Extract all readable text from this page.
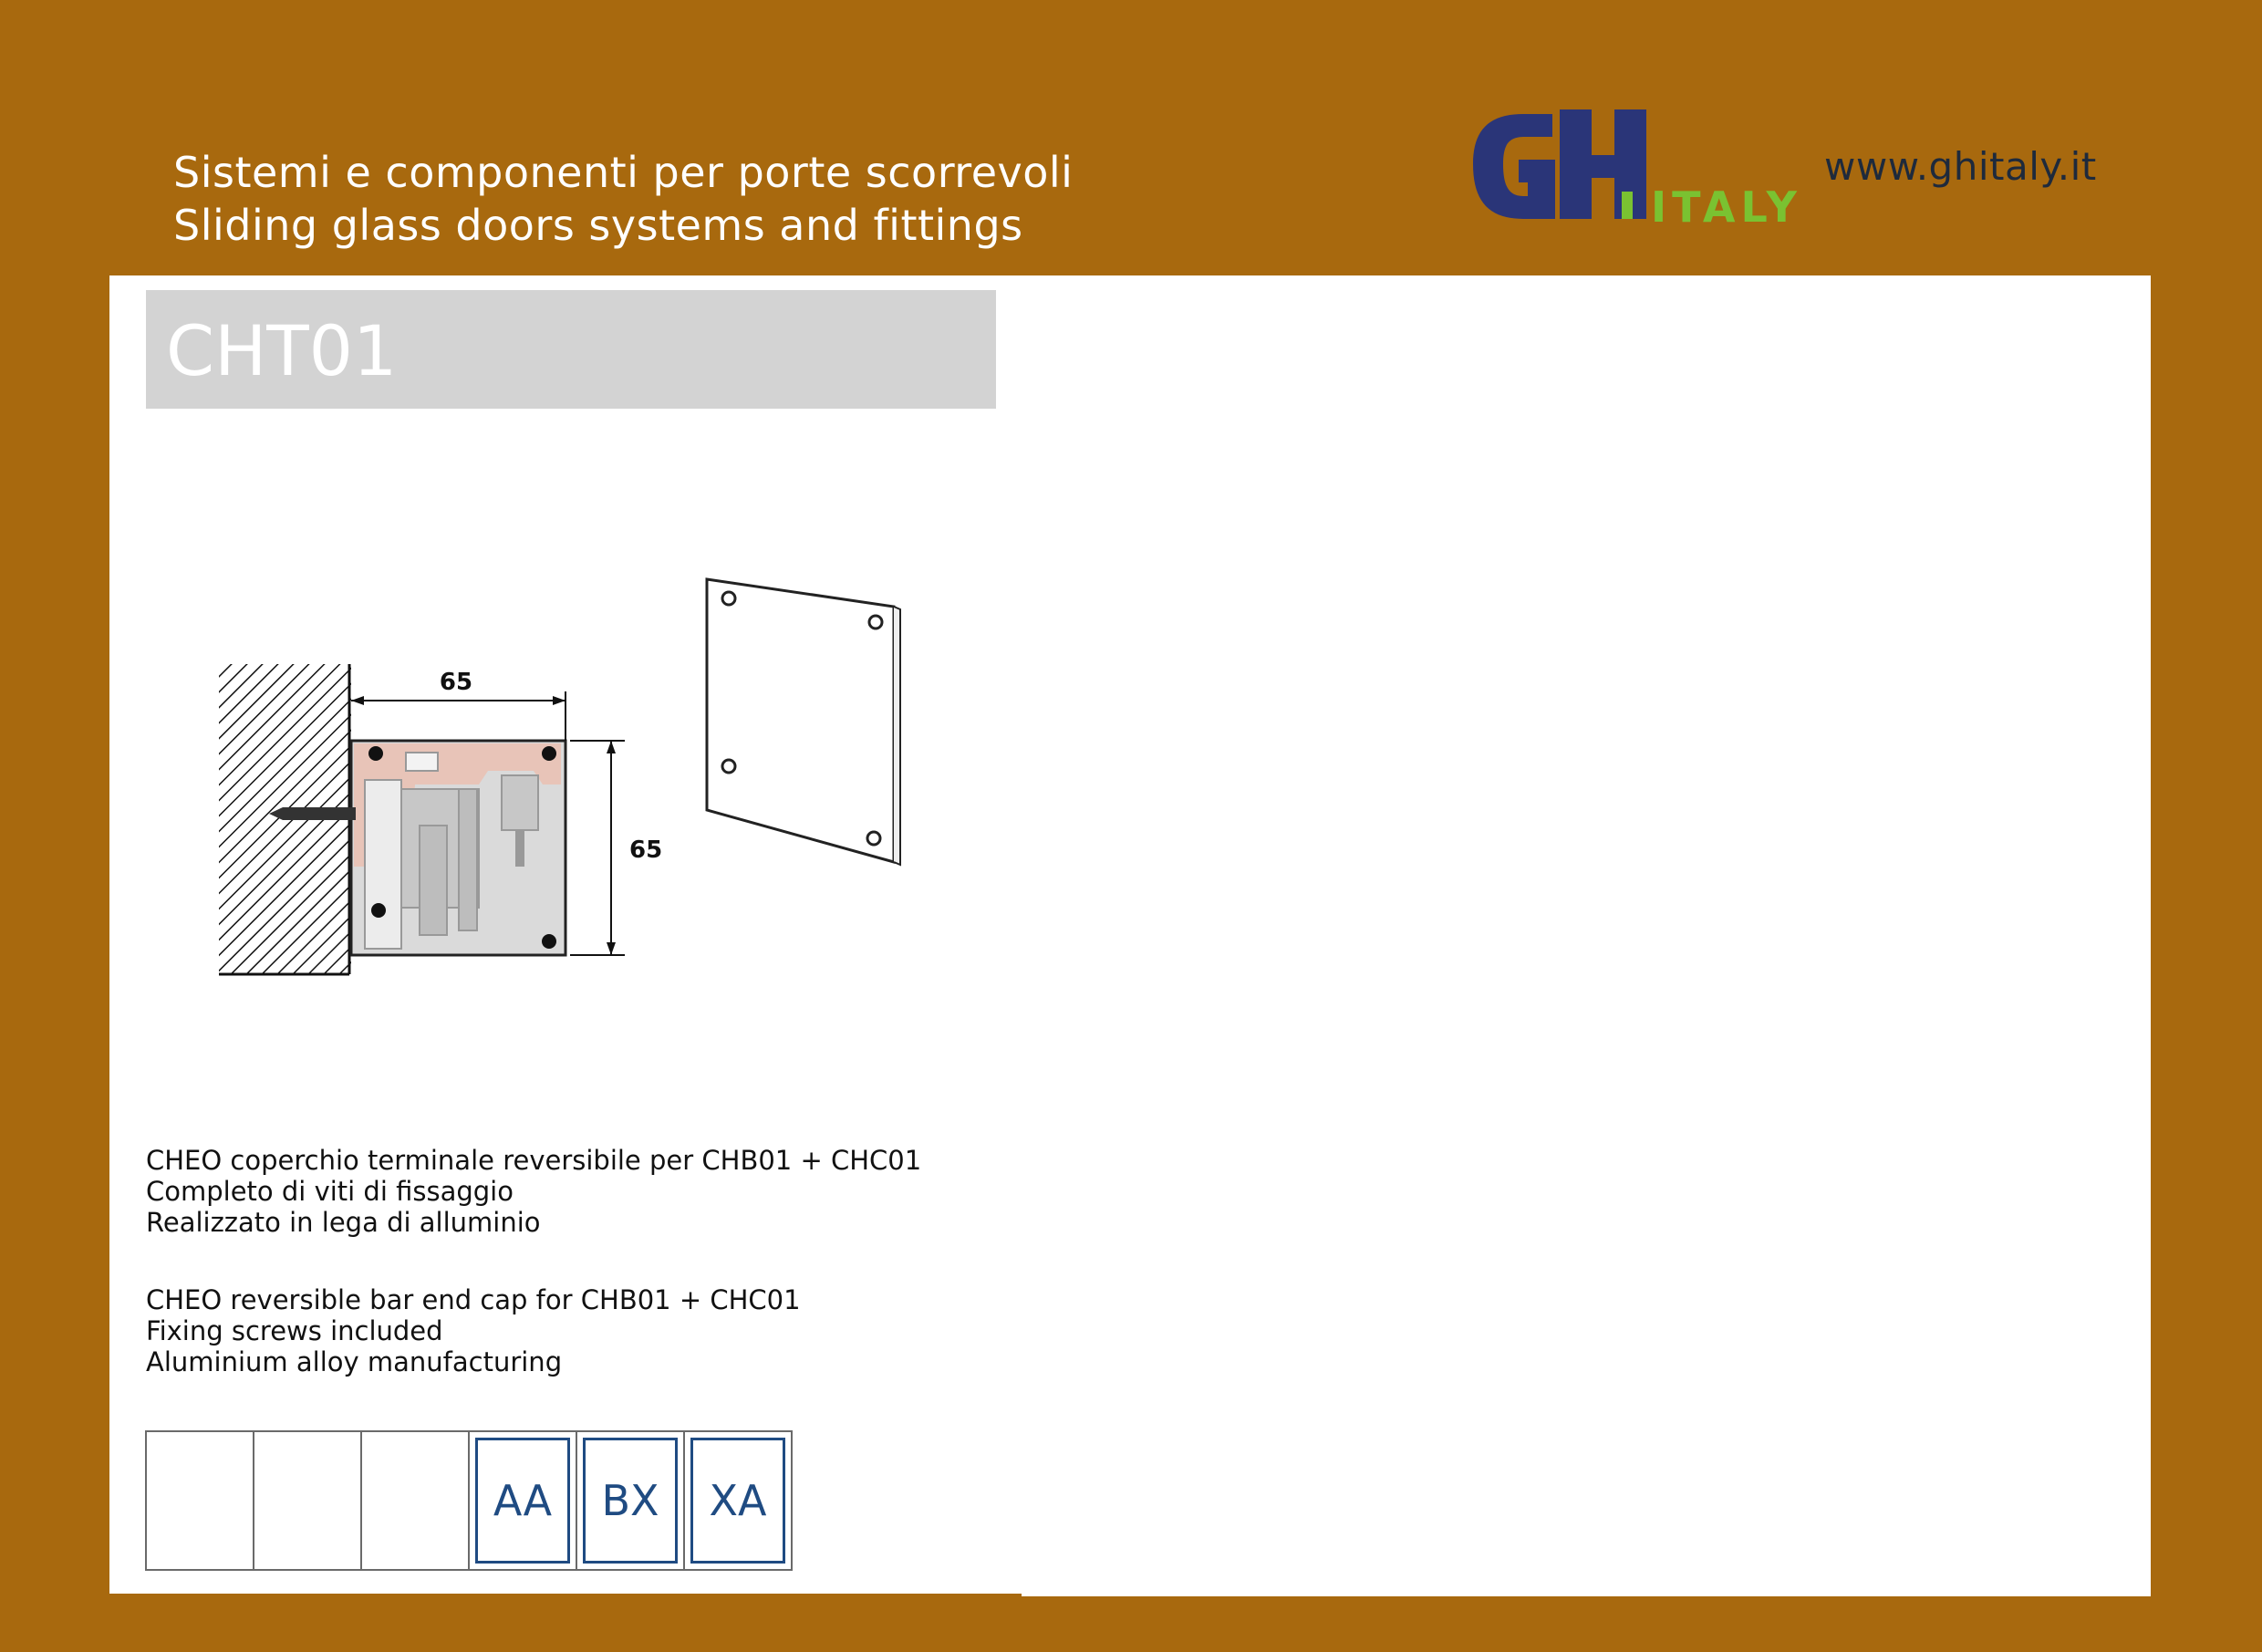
Sistemi e componenti per porte scorrevoli
Sliding glass doors systems and fittings	ITALY
www.ghitaly.it
CHT01
65
65
CHEO coperchio terminale reversibile per CHB01 + CHC01
Completo di viti di fissaggio
Realizzato in lega di alluminio
CHEO reversible bar end cap for CHB01 + CHC01
Fixing screws included
Aluminium alloy manufacturing
AA	BX	XA
